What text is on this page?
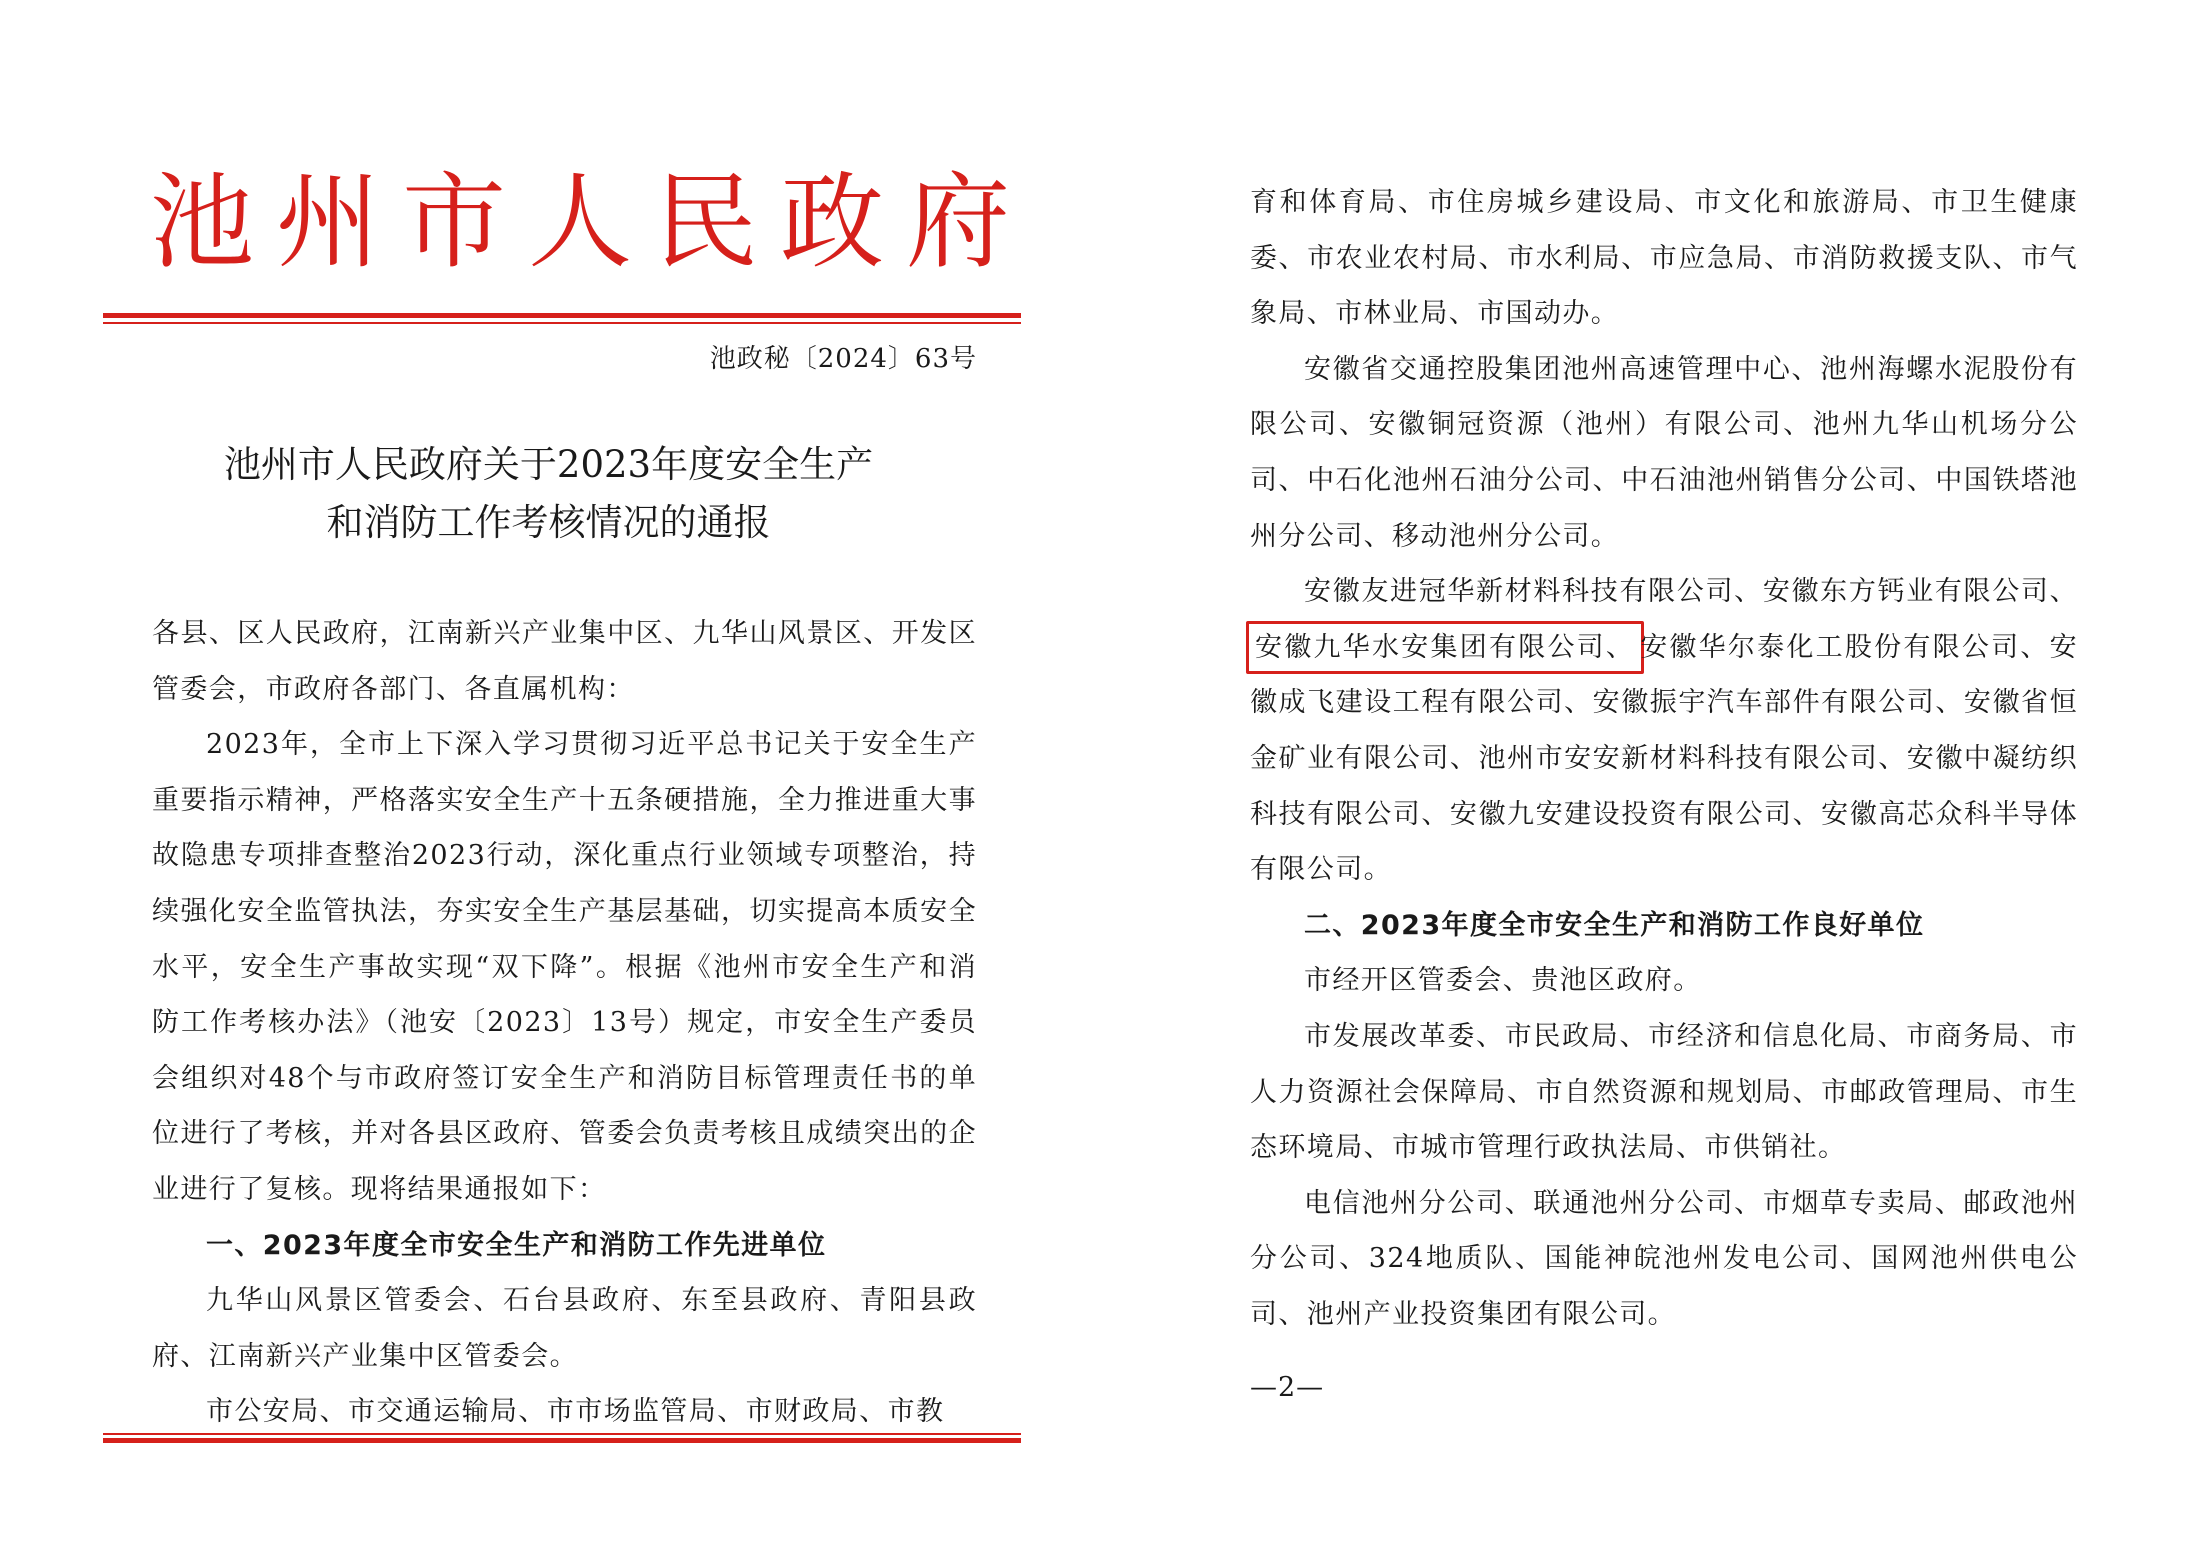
池州市人民政府
池政秘〔2024〕63号
池州市人民政府关于2023年度安全生产
和消防工作考核情况的通报

各县、区人民政府，江南新兴产业集中区、九华山风景区、开发区管委会，市政府各部门、各直属机构：

2023年，全市上下深入学习贯彻习近平总书记关于安全生产重要指示精神，严格落实安全生产十五条硬措施，全力推进重大事故隐患专项排查整治2023行动，深化重点行业领域专项整治，持续强化安全监管执法，夯实安全生产基层基础，切实提高本质安全水平，安全生产事故实现“双下降”。根据《池州市安全生产和消防工作考核办法》（池安〔2023〕13号）规定，市安全生产委员会组织对48个与市政府签订安全生产和消防目标管理责任书的单位进行了考核，并对各县区政府、管委会负责考核且成绩突出的企业进行了复核。现将结果通报如下：

一、2023年度全市安全生产和消防工作先进单位

九华山风景区管委会、石台县政府、东至县政府、青阳县政府、江南新兴产业集中区管委会。

市公安局、市交通运输局、市市场监管局、市财政局、市教

育和体育局、市住房城乡建设局、市文化和旅游局、市卫生健康委、市农业农村局、市水利局、市应急局、市消防救援支队、市气象局、市林业局、市国动办。

安徽省交通控股集团池州高速管理中心、池州海螺水泥股份有限公司、安徽铜冠资源（池州）有限公司、池州九华山机场分公司、中石化池州石油分公司、中石油池州销售分公司、中国铁塔池州分公司、移动池州分公司。

安徽友进冠华新材料科技有限公司、安徽东方钙业有限公司、安徽九华水安集团有限公司、 安徽华尔泰化工股份有限公司、安徽成飞建设工程有限公司、安徽振宇汽车部件有限公司、安徽省恒金矿业有限公司、池州市安安新材料科技有限公司、安徽中凝纺织科技有限公司、安徽九安建设投资有限公司、安徽高芯众科半导体有限公司。

二、2023年度全市安全生产和消防工作良好单位

市经开区管委会、贵池区政府。

市发展改革委、市民政局、市经济和信息化局、市商务局、市人力资源社会保障局、市自然资源和规划局、市邮政管理局、市生态环境局、市城市管理行政执法局、市供销社。

电信池州分公司、联通池州分公司、市烟草专卖局、邮政池州分公司、324地质队、国能神皖池州发电公司、国网池州供电公司、池州产业投资集团有限公司。

—2—
